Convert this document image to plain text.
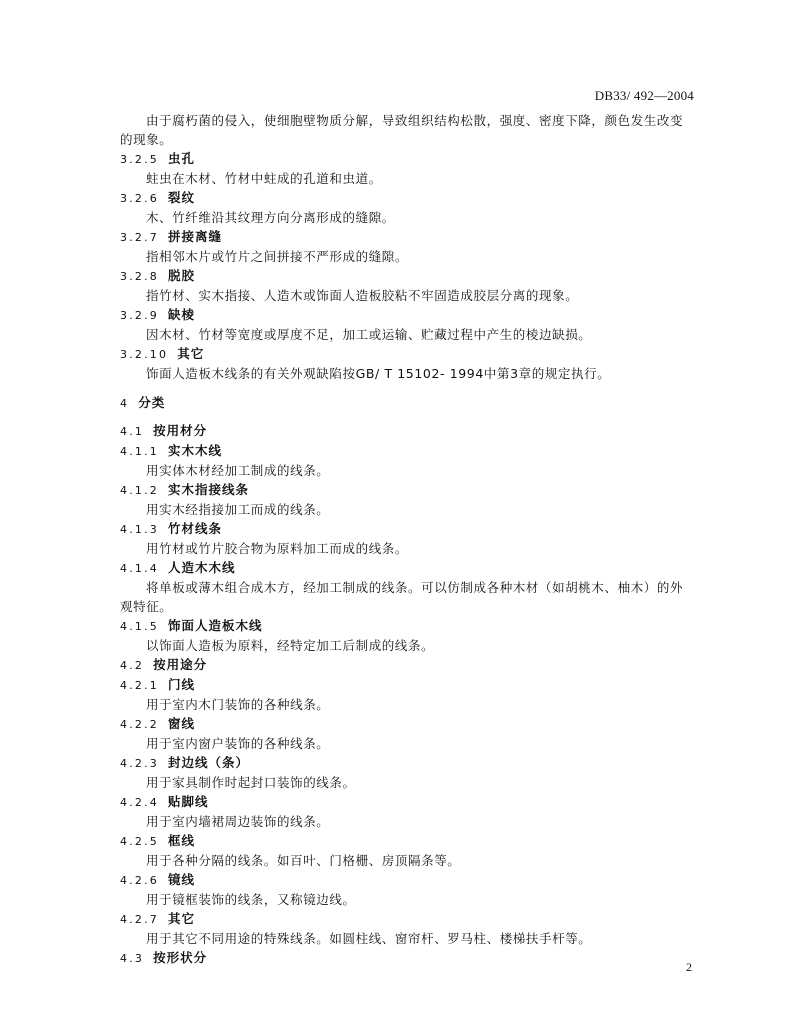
DB33/ 492—2004

由于腐朽菌的侵入，使细胞壁物质分解，导致组织结构松散，强度、密度下降，颜色发生改变的现象。

3.2.5 虫孔

蛀虫在木材、竹材中蛀成的孔道和虫道。

3.2.6 裂纹

木、竹纤维沿其纹理方向分离形成的缝隙。

3.2.7 拼接离缝

指相邻木片或竹片之间拼接不严形成的缝隙。

3.2.8 脱胶

指竹材、实木指接、人造木或饰面人造板胶粘不牢固造成胶层分离的现象。

3.2.9 缺棱

因木材、竹材等宽度或厚度不足，加工或运输、贮藏过程中产生的棱边缺损。

3.2.10 其它

饰面人造板木线条的有关外观缺陷按GB/ T 15102- 1994中第3章的规定执行。

4 分类

4.1 按用材分

4.1.1 实木木线

用实体木材经加工制成的线条。

4.1.2 实木指接线条

用实木经指接加工而成的线条。

4.1.3 竹材线条

用竹材或竹片胶合物为原料加工而成的线条。

4.1.4 人造木木线

将单板或薄木组合成木方，经加工制成的线条。可以仿制成各种木材（如胡桃木、柚木）的外观特征。

4.1.5 饰面人造板木线

以饰面人造板为原料，经特定加工后制成的线条。

4.2 按用途分

4.2.1 门线

用于室内木门装饰的各种线条。

4.2.2 窗线

用于室内窗户装饰的各种线条。

4.2.3 封边线（条）

用于家具制作时起封口装饰的线条。

4.2.4 贴脚线

用于室内墙裙周边装饰的线条。

4.2.5 框线

用于各种分隔的线条。如百叶、门格栅、房顶隔条等。

4.2.6 镜线

用于镜框装饰的线条，又称镜边线。

4.2.7 其它

用于其它不同用途的特殊线条。如圆柱线、窗帘杆、罗马柱、楼梯扶手杆等。

4.3 按形状分

2
